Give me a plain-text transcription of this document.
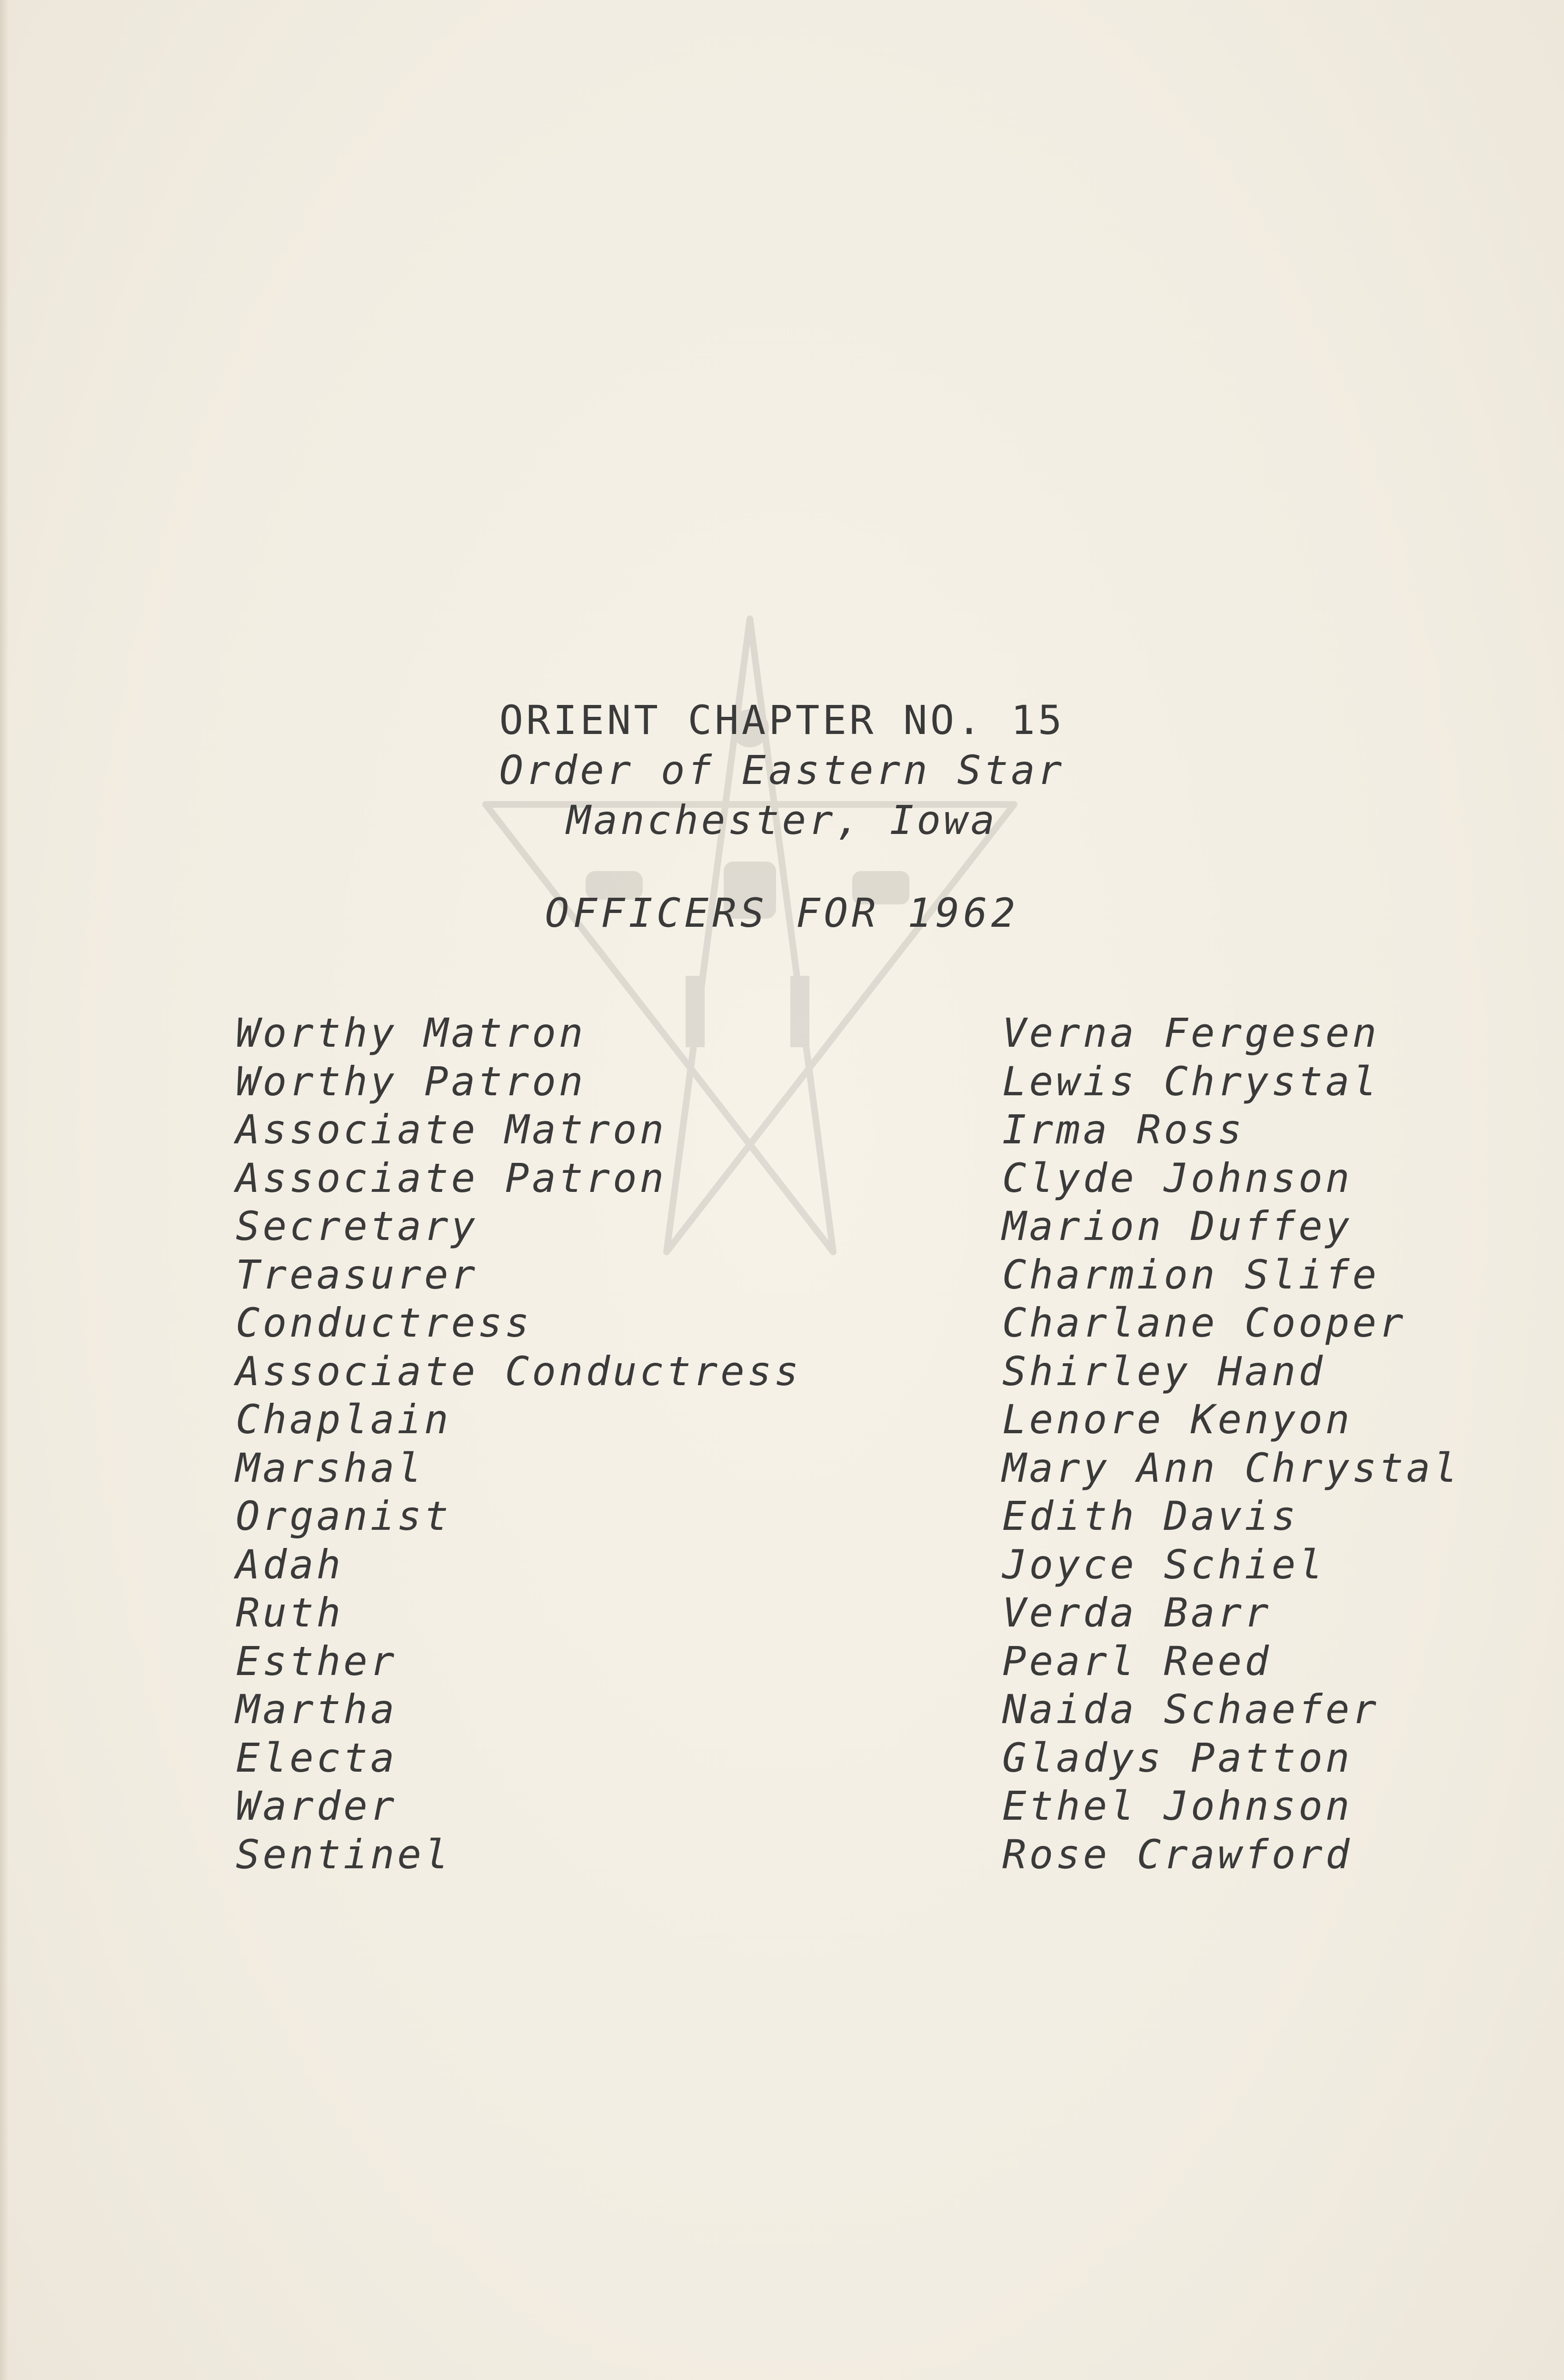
ORIENT CHAPTER NO. 15
Order of Eastern Star
Manchester, Iowa
OFFICERS FOR 1962
Worthy Matron	Verna Fergesen
Worthy Patron	Lewis Chrystal
Associate Matron	Irma Ross
Associate Patron	Clyde Johnson
Secretary	Marion Duffey
Treasurer	Charmion Slife
Conductress	Charlane Cooper
Associate Conductress	Shirley Hand
Chaplain	Lenore Kenyon
Marshal	Mary Ann Chrystal
Organist	Edith Davis
Adah	Joyce Schiel
Ruth	Verda Barr
Esther	Pearl Reed
Martha	Naida Schaefer
Electa	Gladys Patton
Warder	Ethel Johnson
Sentinel	Rose Crawford
